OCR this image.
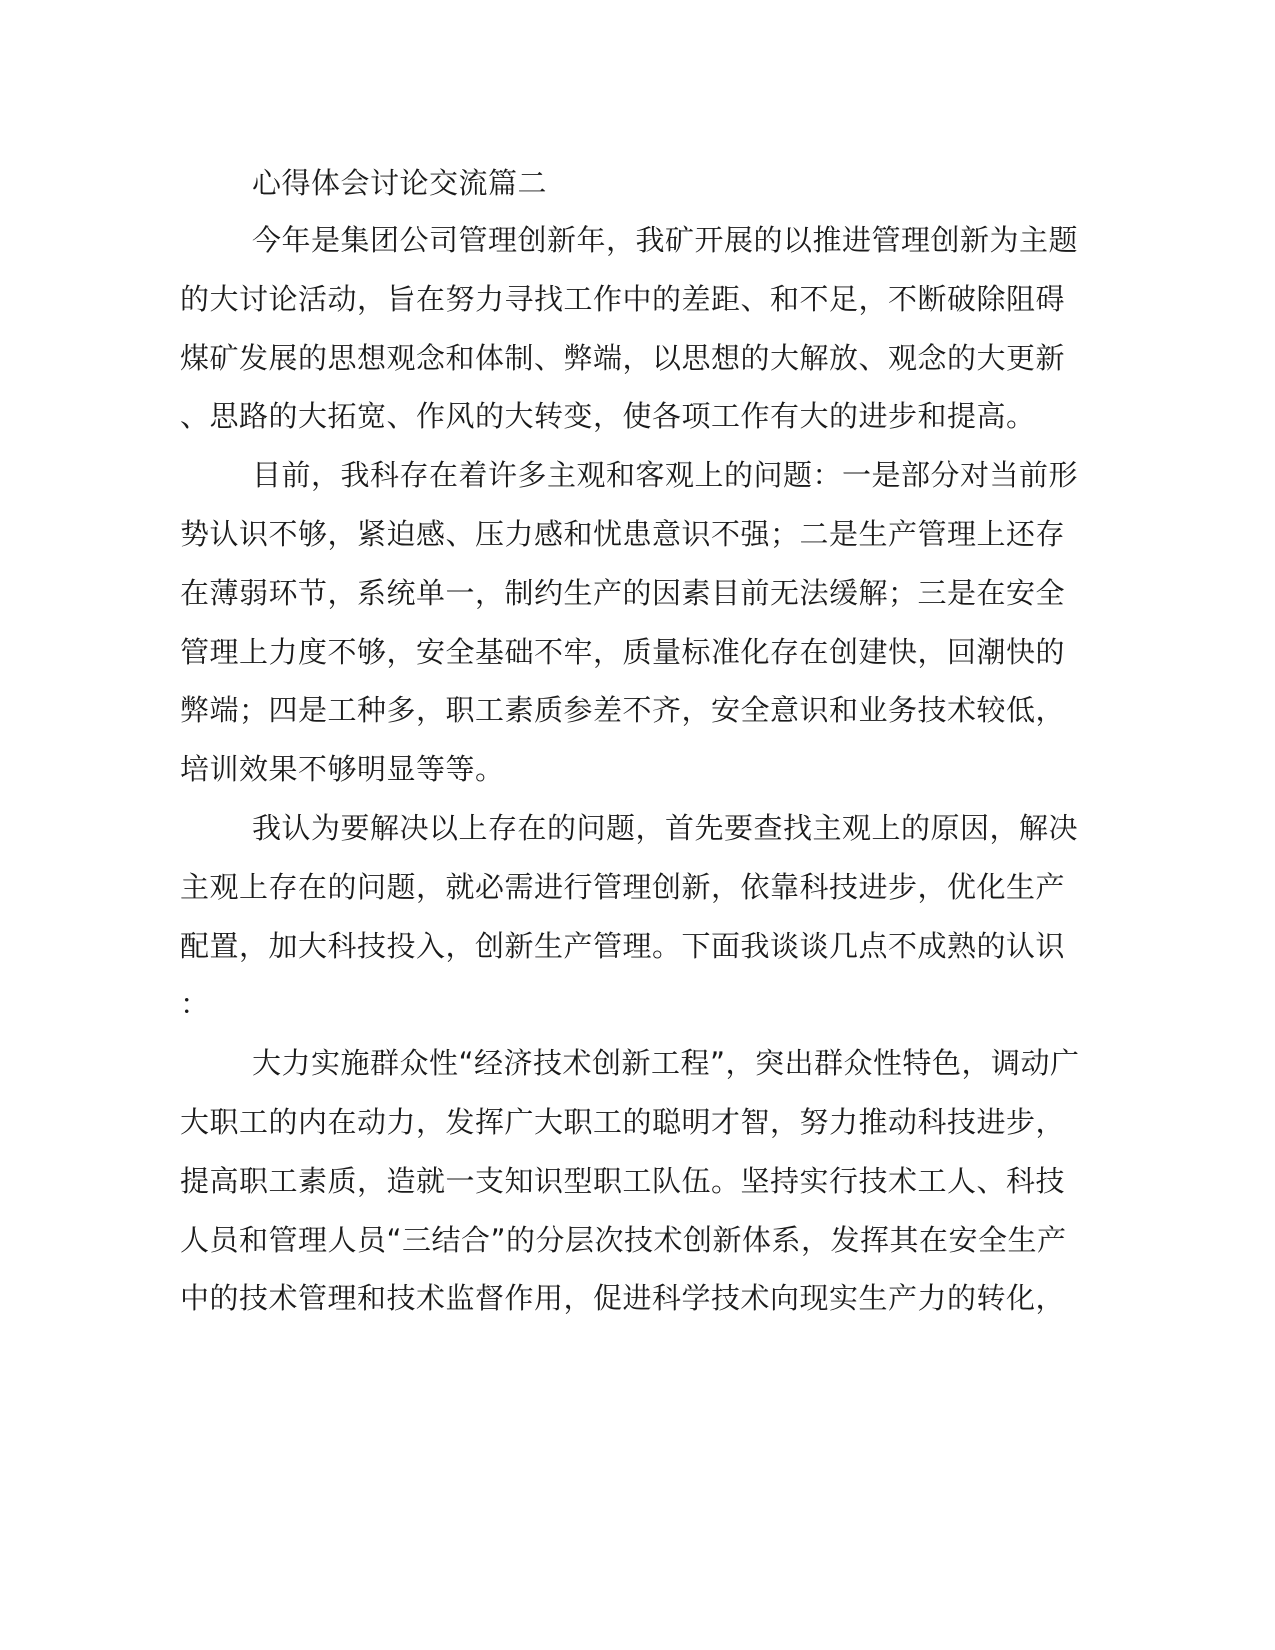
心得体会讨论交流篇二
今年是集团公司管理创新年，我矿开展的以推进管理创新为主题
的大讨论活动，旨在努力寻找工作中的差距、和不足，不断破除阻碍
煤矿发展的思想观念和体制、弊端，以思想的大解放、观念的大更新
、思路的大拓宽、作风的大转变，使各项工作有大的进步和提高。
目前，我科存在着许多主观和客观上的问题：一是部分对当前形
势认识不够，紧迫感、压力感和忧患意识不强；二是生产管理上还存
在薄弱环节，系统单一，制约生产的因素目前无法缓解；三是在安全
管理上力度不够，安全基础不牢，质量标准化存在创建快，回潮快的
弊端；四是工种多，职工素质参差不齐，安全意识和业务技术较低，
培训效果不够明显等等。
我认为要解决以上存在的问题，首先要查找主观上的原因，解决
主观上存在的问题，就必需进行管理创新，依靠科技进步，优化生产
配置，加大科技投入，创新生产管理。下面我谈谈几点不成熟的认识
：
大力实施群众性“经济技术创新工程”，突出群众性特色，调动广
大职工的内在动力，发挥广大职工的聪明才智，努力推动科技进步，
提高职工素质，造就一支知识型职工队伍。坚持实行技术工人、科技
人员和管理人员“三结合”的分层次技术创新体系，发挥其在安全生产
中的技术管理和技术监督作用，促进科学技术向现实生产力的转化，
